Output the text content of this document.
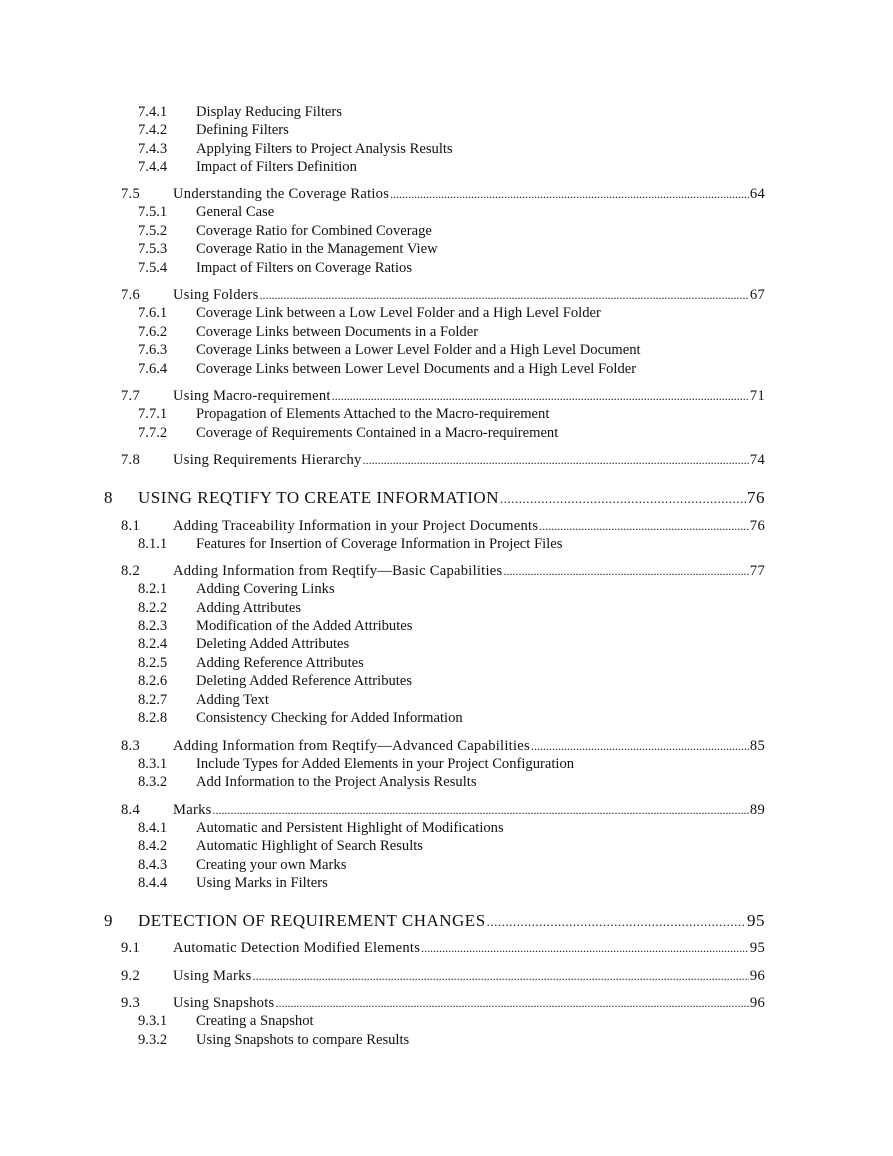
7.4.1 Display Reducing Filters
7.4.2 Defining Filters
7.4.3 Applying Filters to Project Analysis Results
7.4.4 Impact of Filters Definition
7.5	Understanding the Coverage Ratios .....	64
7.5.1 General Case
7.5.2 Coverage Ratio for Combined Coverage
7.5.3 Coverage Ratio in the Management View
7.5.4 Impact of Filters on Coverage Ratios
7.6	Using Folders .....	67
7.6.1 Coverage Link between a Low Level Folder and a High Level Folder
7.6.2 Coverage Links between Documents in a Folder
7.6.3 Coverage Links between a Lower Level Folder and a High Level Document
7.6.4 Coverage Links between Lower Level Documents and a High Level Folder
7.7	Using Macro-requirement .....	71
7.7.1 Propagation of Elements Attached to the Macro-requirement
7.7.2 Coverage of Requirements Contained in a Macro-requirement
7.8	Using Requirements Hierarchy .....	74
8	USING REQTIFY TO CREATE INFORMATION .....	76
8.1	Adding Traceability Information in your Project Documents .....	76
8.1.1 Features for Insertion of Coverage Information in Project Files
8.2	Adding Information from Reqtify—Basic Capabilities .....	77
8.2.1 Adding Covering Links
8.2.2 Adding Attributes
8.2.3 Modification of the Added Attributes
8.2.4 Deleting Added Attributes
8.2.5 Adding Reference Attributes
8.2.6 Deleting Added Reference Attributes
8.2.7 Adding Text
8.2.8 Consistency Checking for Added Information
8.3	Adding Information from Reqtify—Advanced Capabilities .....	85
8.3.1 Include Types for Added Elements in your Project Configuration
8.3.2 Add Information to the Project Analysis Results
8.4	Marks .....	89
8.4.1 Automatic and Persistent Highlight of Modifications
8.4.2 Automatic Highlight of Search Results
8.4.3 Creating your own Marks
8.4.4 Using Marks in Filters
9	DETECTION OF REQUIREMENT CHANGES .....	95
9.1	Automatic Detection Modified Elements .....	95
9.2	Using Marks .....	96
9.3	Using Snapshots .....	96
9.3.1 Creating a Snapshot
9.3.2 Using Snapshots to compare Results
